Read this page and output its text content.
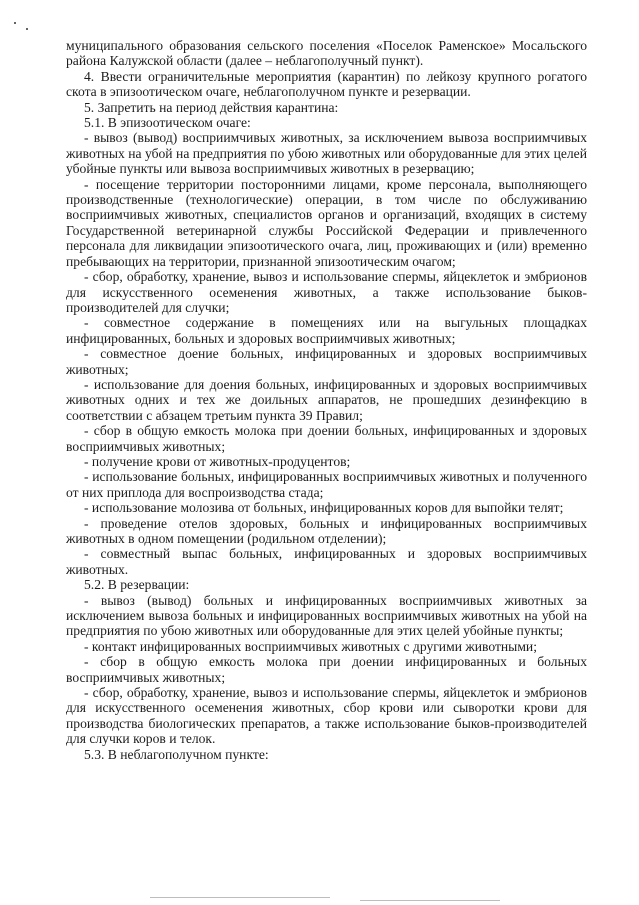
муниципального образования сельского поселения «Поселок Раменское» Мосальского района Калужской области (далее – неблагополучный пункт).

4. Ввести ограничительные мероприятия (карантин) по лейкозу крупного рогатого скота в эпизоотическом очаге, неблагополучном пункте и резервации.

5. Запретить на период действия карантина:

5.1. В эпизоотическом очаге:

- вывоз (вывод) восприимчивых животных, за исключением вывоза восприимчивых животных на убой на предприятия по убою животных или оборудованные для этих целей убойные пункты или вывоза восприимчивых животных в резервацию;

- посещение территории посторонними лицами, кроме персонала, выполняющего производственные (технологические) операции, в том числе по обслуживанию восприимчивых животных, специалистов органов и организаций, входящих в систему Государственной ветеринарной службы Российской Федерации и привлеченного персонала для ликвидации эпизоотического очага, лиц, проживающих и (или) временно пребывающих на территории, признанной эпизоотическим очагом;

- сбор, обработку, хранение, вывоз и использование спермы, яйцеклеток и эмбрионов для искусственного осеменения животных, а также использование быков-производителей для случки;

- совместное содержание в помещениях или на выгульных площадках инфицированных, больных и здоровых восприимчивых животных;

- совместное доение больных, инфицированных и здоровых восприимчивых животных;

- использование для доения больных, инфицированных и здоровых восприимчивых животных одних и тех же доильных аппаратов, не прошедших дезинфекцию в соответствии с абзацем третьим пункта 39 Правил;

- сбор в общую емкость молока при доении больных, инфицированных и здоровых восприимчивых животных;

- получение крови от животных-продуцентов;

- использование больных, инфицированных восприимчивых животных и полученного от них приплода для воспроизводства стада;

- использование молозива от больных, инфицированных коров для выпойки телят;

- проведение отелов здоровых, больных и инфицированных восприимчивых животных в одном помещении (родильном отделении);

- совместный выпас больных, инфицированных и здоровых восприимчивых животных.

5.2. В резервации:

- вывоз (вывод) больных и инфицированных восприимчивых животных за исключением вывоза больных и инфицированных восприимчивых животных на убой на предприятия по убою животных или оборудованные для этих целей убойные пункты;

- контакт инфицированных восприимчивых животных с другими животными;

- сбор в общую емкость молока при доении инфицированных и больных восприимчивых животных;

- сбор, обработку, хранение, вывоз и использование спермы, яйцеклеток и эмбрионов для искусственного осеменения животных, сбор крови или сыворотки крови для производства биологических препаратов, а также использование быков-производителей для случки коров и телок.

5.3. В неблагополучном пункте:
